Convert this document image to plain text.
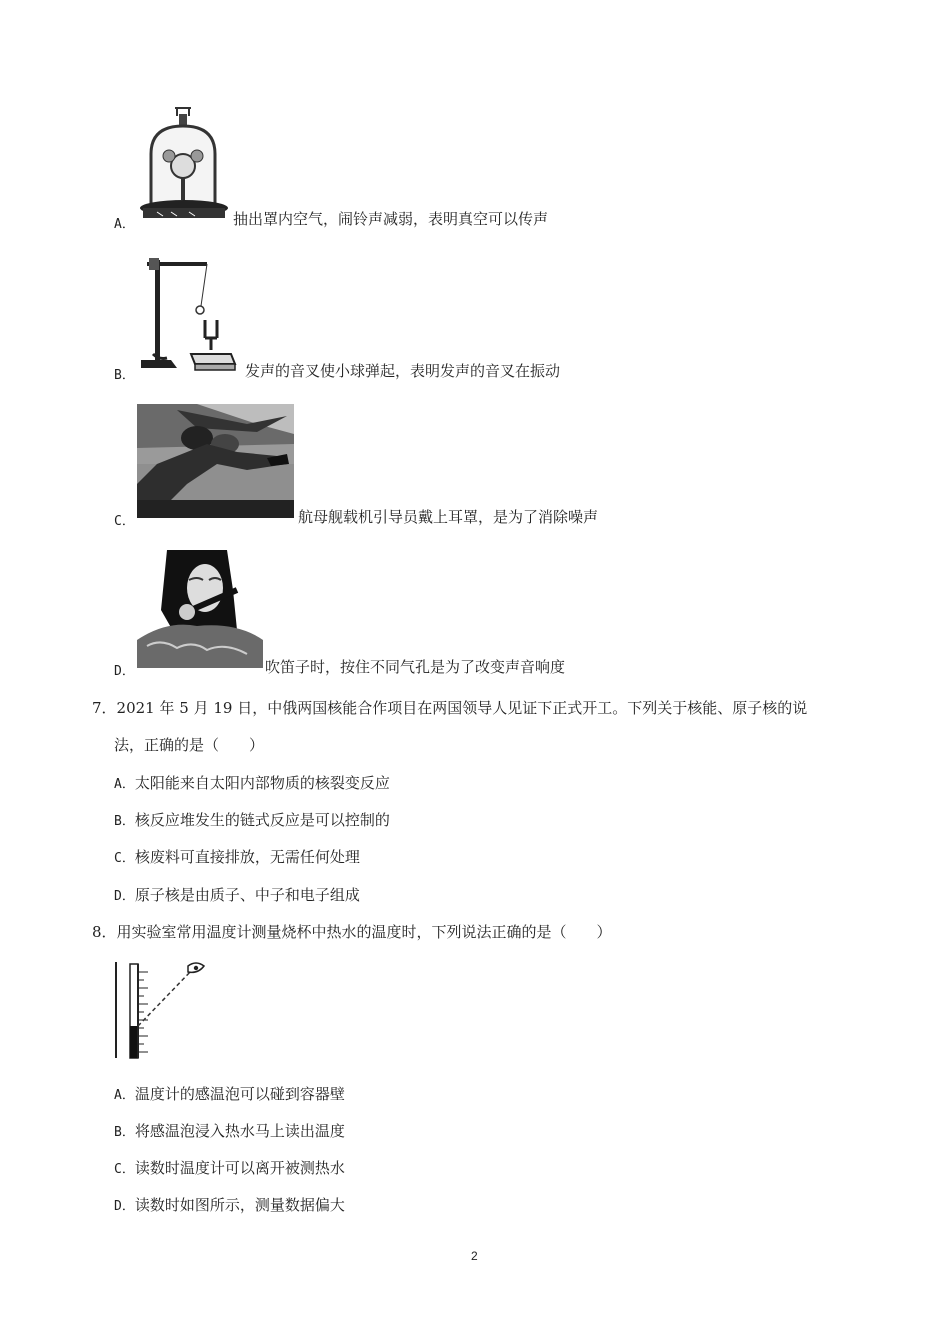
A．	抽出罩内空气，闹铃声减弱，表明真空可以传声
B．	发声的音叉使小球弹起，表明发声的音叉在振动
C．	航母舰载机引导员戴上耳罩，是为了消除噪声
D．	吹笛子时，按住不同气孔是为了改变声音响度
7．2021 年 5 月 19 日，中俄两国核能合作项目在两国领导人见证下正式开工。下列关于核能、原子核的说
法，正确的是（　　）
A．太阳能来自太阳内部物质的核裂变反应
B．核反应堆发生的链式反应是可以控制的
C．核废料可直接排放，无需任何处理
D．原子核是由质子、中子和电子组成
8．用实验室常用温度计测量烧杯中热水的温度时，下列说法正确的是（　　）
A．温度计的感温泡可以碰到容器壁
B．将感温泡浸入热水马上读出温度
C．读数时温度计可以离开被测热水
D．读数时如图所示，测量数据偏大
2
